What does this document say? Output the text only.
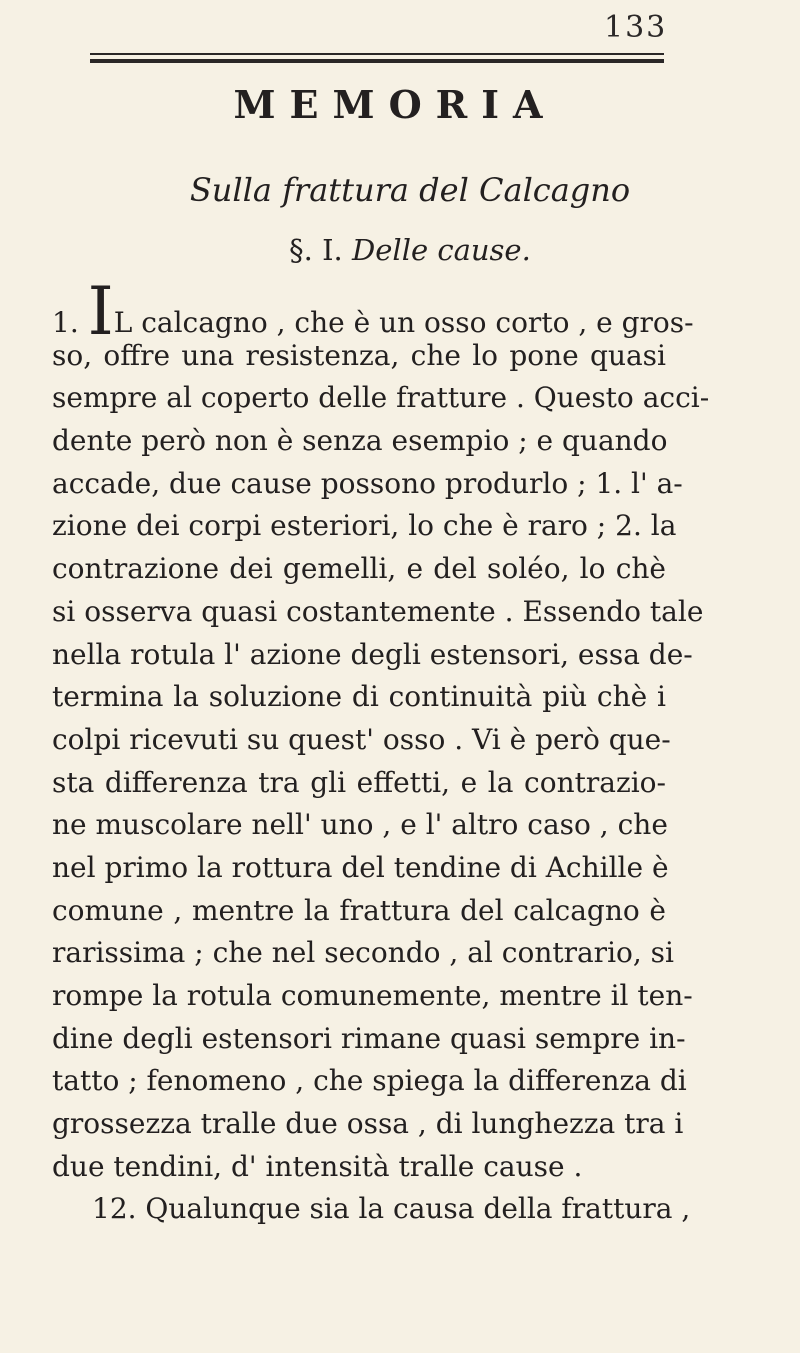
133
MEMORIA
Sulla frattura del Calcagno
§. I. Delle cause.
1. IL calcagno , che è un osso corto , e gros-
so, offre una resistenza, che lo pone quasi
sempre al coperto delle fratture . Questo acci-
dente però non è senza esempio ; e quando
accade, due cause possono produrlo ; 1. l' a-
zione dei corpi esteriori, lo che è raro ; 2. la
contrazione dei gemelli, e del soléo, lo chè
si osserva quasi costantemente . Essendo tale
nella rotula l' azione degli estensori, essa de-
termina la soluzione di continuità più chè i
colpi ricevuti su quest' osso . Vi è però que-
sta differenza tra gli effetti, e la contrazio-
ne muscolare nell' uno , e l' altro caso , che
nel primo la rottura del tendine di Achille è
comune , mentre la frattura del calcagno è
rarissima ; che nel secondo , al contrario, si
rompe la rotula comunemente, mentre il ten-
dine degli estensori rimane quasi sempre in-
tatto ; fenomeno , che spiega la differenza di
grossezza tralle due ossa , di lunghezza tra i
due tendini, d' intensità tralle cause .
12. Qualunque sia la causa della frattura ,
